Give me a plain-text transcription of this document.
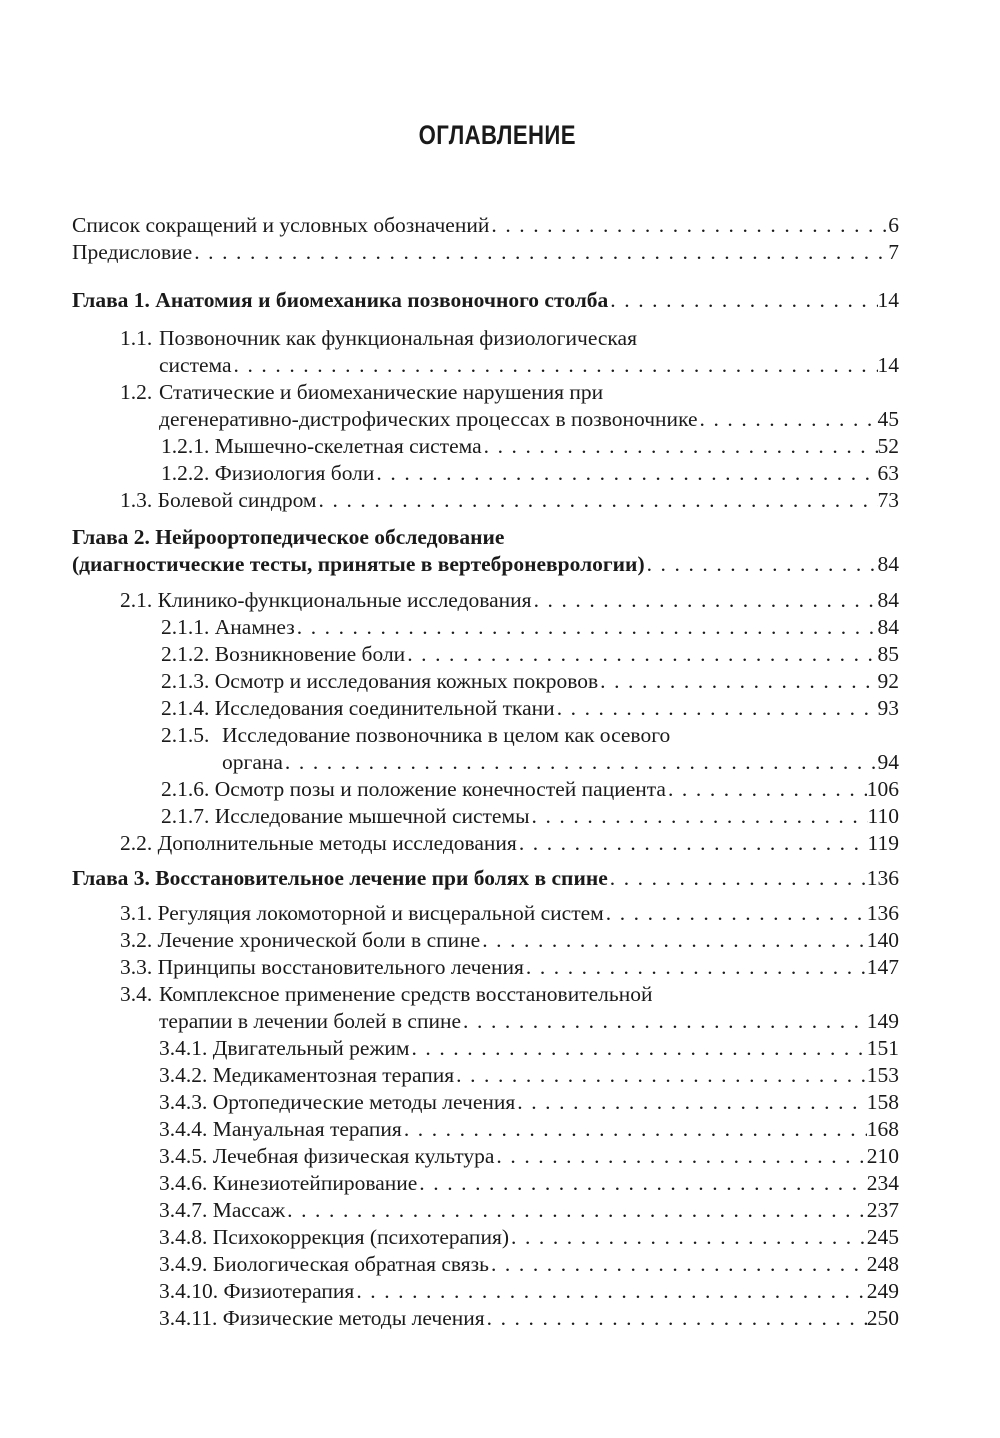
ОГЛАВЛЕНИЕ
Список сокращений и условных обозначений . . .	6
Предисловие . . .	7
Глава 1. Анатомия и биомеханика позвоночного столба . . .	14
1.1. Позвоночник как функциональная физиологическая
система . . .	14
1.2. Статические и биомеханические нарушения при
дегенеративно-дистрофических процессах в позвоночнике . . .	45
1.2.1. Мышечно-скелетная система . . .	52
1.2.2. Физиология боли . . .	63
1.3. Болевой синдром . . .	73
Глава 2. Нейроортопедическое обследование
(диагностические тесты, принятые в вертеброневрологии) . . .	84
2.1. Клинико-функциональные исследования . . .	84
2.1.1. Анамнез . . .	84
2.1.2. Возникновение боли . . .	85
2.1.3. Осмотр и исследования кожных покровов . . .	92
2.1.4. Исследования соединительной ткани . . .	93
2.1.5. Исследование позвоночника в целом как осевого
органа . . .	94
2.1.6. Осмотр позы и положение конечностей пациента . . .	106
2.1.7. Исследование мышечной системы . . .	110
2.2. Дополнительные методы исследования . . .	119
Глава 3. Восстановительное лечение при болях в спине . . .	136
3.1. Регуляция локомоторной и висцеральной систем . . .	136
3.2. Лечение хронической боли в спине . . .	140
3.3. Принципы восстановительного лечения . . .	147
3.4. Комплексное применение средств восстановительной
терапии в лечении болей в спине . . .	149
3.4.1. Двигательный режим . . .	151
3.4.2. Медикаментозная терапия . . .	153
3.4.3. Ортопедические методы лечения . . .	158
3.4.4. Мануальная терапия . . .	168
3.4.5. Лечебная физическая культура . . .	210
3.4.6. Кинезиотейпирование . . .	234
3.4.7. Массаж . . .	237
3.4.8. Психокоррекция (психотерапия) . . .	245
3.4.9. Биологическая обратная связь . . .	248
3.4.10. Физиотерапия . . .	249
3.4.11. Физические методы лечения . . .	250
